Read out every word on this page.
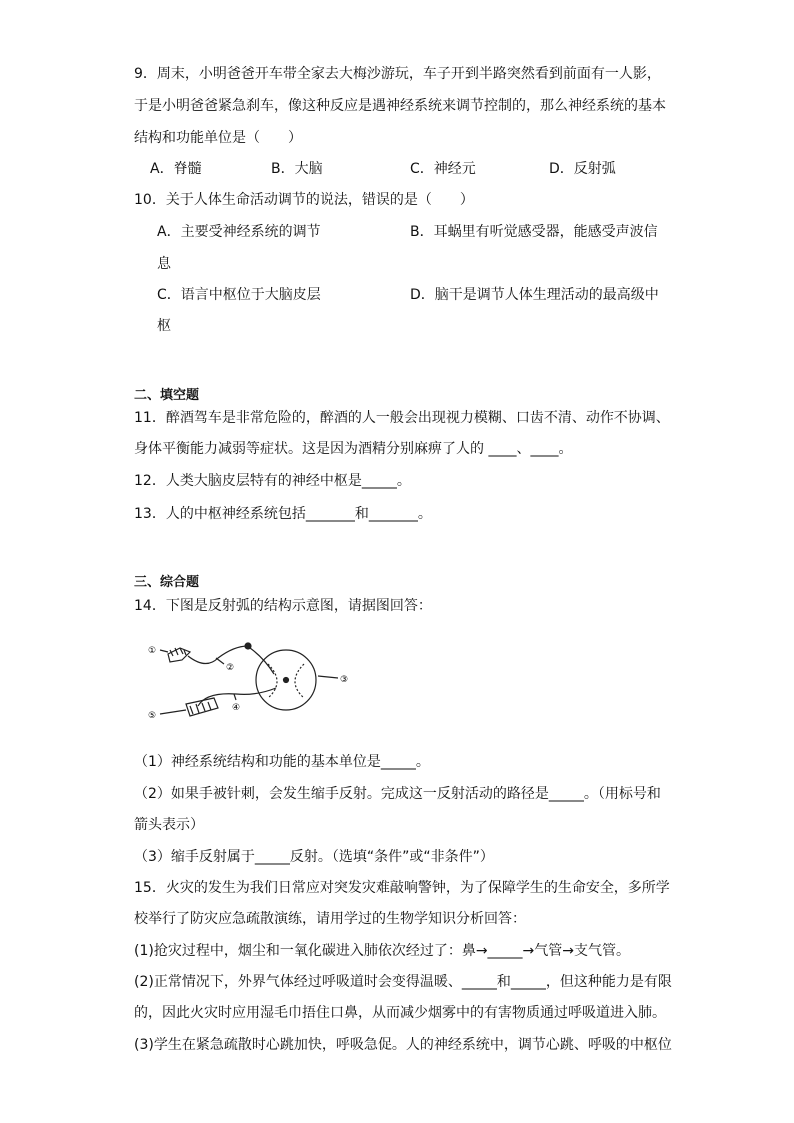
9．周末，小明爸爸开车带全家去大梅沙游玩，车子开到半路突然看到前面有一人影，
于是小明爸爸紧急刹车，像这种反应是遇神经系统来调节控制的，那么神经系统的基本
结构和功能单位是（　　）
A．脊髓	B．大脑	C．神经元	D．反射弧
10．关于人体生命活动调节的说法，错误的是（　　）
A．主要受神经系统的调节	B．耳蜗里有听觉感受器，能感受声波信
息
C．语言中枢位于大脑皮层	D．脑干是调节人体生理活动的最高级中
枢
二、填空题
11．醉酒驾车是非常危险的，醉酒的人一般会出现视力模糊、口齿不清、动作不协调、
身体平衡能力减弱等症状。这是因为酒精分别麻痹了人的 ____、____。
12．人类大脑皮层特有的神经中枢是_____。
13．人的中枢神经系统包括_______和_______。
三、综合题
14．下图是反射弧的结构示意图，请据图回答：
①
②
③
④
⑤
（1）神经系统结构和功能的基本单位是_____。
（2）如果手被针刺，会发生缩手反射。完成这一反射活动的路径是_____。（用标号和
箭头表示）
（3）缩手反射属于_____反射。（选填“条件”或“非条件”）
15．火灾的发生为我们日常应对突发灾难敲响警钟，为了保障学生的生命安全，多所学
校举行了防灾应急疏散演练，请用学过的生物学知识分析回答：
(1)抢灾过程中，烟尘和一氧化碳进入肺依次经过了：鼻→_____→气管→支气管。
(2)正常情况下，外界气体经过呼吸道时会变得温暖、_____和_____，但这种能力是有限
的，因此火灾时应用湿毛巾捂住口鼻，从而减少烟雾中的有害物质通过呼吸道进入肺。
(3)学生在紧急疏散时心跳加快，呼吸急促。人的神经系统中，调节心跳、呼吸的中枢位
